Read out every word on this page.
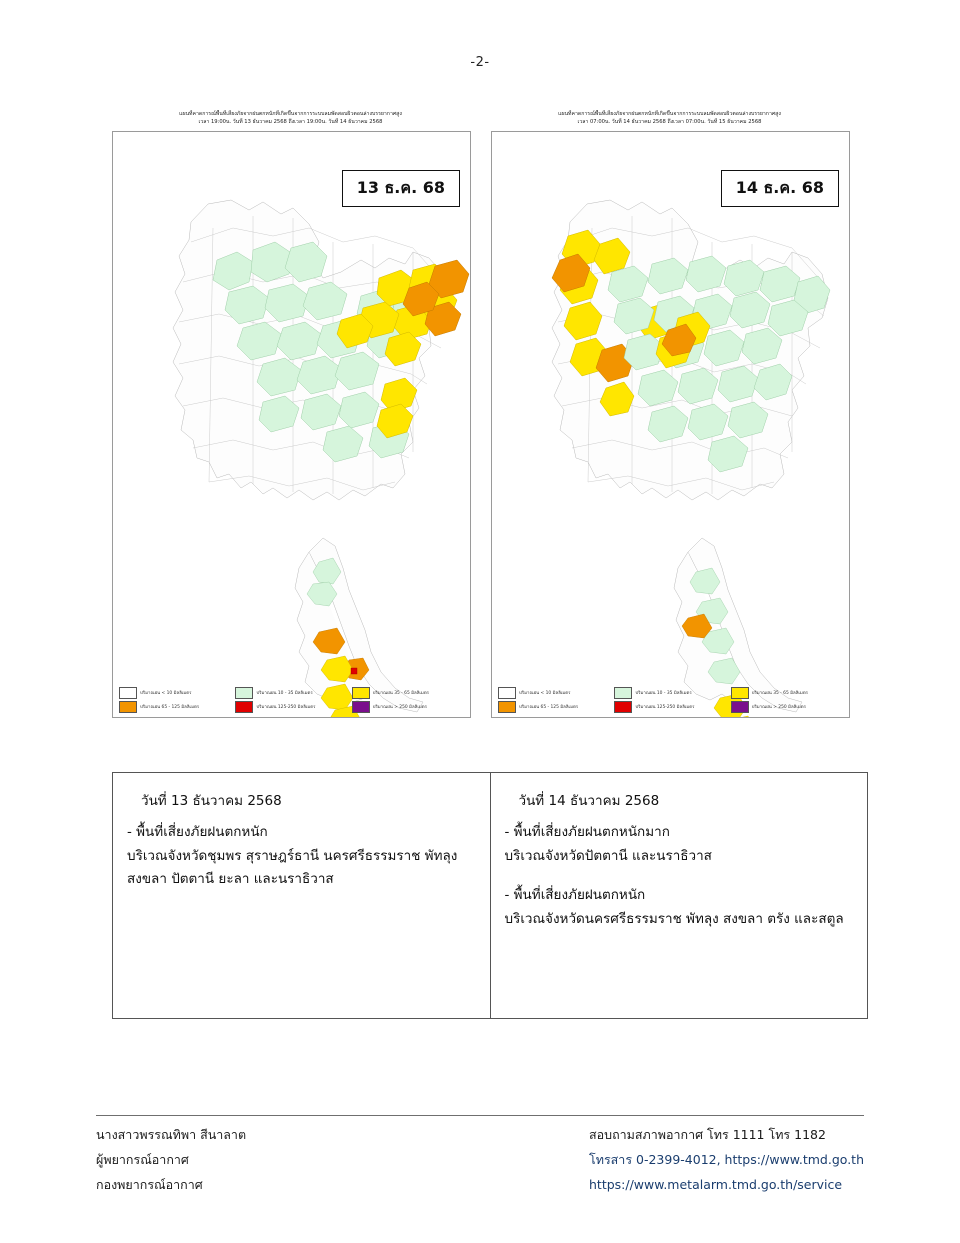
-2-
แผนที่คาดการณ์พื้นที่เสี่ยงภัยจากฝนตกหนักที่เกิดขึ้นจากการระบบลมพัดสอบผิวตอนล่างบรรยากาศสูง
เวลา 19:00น. วันที่ 13 ธันวาคม 2568 ถึงเวลา 19:00น. วันที่ 14 ธันวาคม 2568
13 ธ.ค. 68
ปริมาณฝน < 10 มิลลิเมตร	ปริมาณฝน 10 - 35 มิลลิเมตร	ปริมาณฝน 35 - 65 มิลลิเมตร
ปริมาณฝน 65 - 125 มิลลิเมตร	ปริมาณฝน 125-250 มิลลิเมตร	ปริมาณฝน > 250 มิลลิเมตร
แผนที่คาดการณ์พื้นที่เสี่ยงภัยจากฝนตกหนักที่เกิดขึ้นจากการระบบลมพัดสอบผิวตอนล่างบรรยากาศสูง
เวลา 07:00น. วันที่ 14 ธันวาคม 2568 ถึงเวลา 07:00น. วันที่ 15 ธันวาคม 2568
14 ธ.ค. 68
ปริมาณฝน < 10 มิลลิเมตร	ปริมาณฝน 10 - 35 มิลลิเมตร	ปริมาณฝน 35 - 65 มิลลิเมตร
ปริมาณฝน 65 - 125 มิลลิเมตร	ปริมาณฝน 125-250 มิลลิเมตร	ปริมาณฝน > 250 มิลลิเมตร
วันที่ 13 ธันวาคม 2568
- พื้นที่เสี่ยงภัยฝนตกหนัก
บริเวณจังหวัดชุมพร สุราษฎร์ธานี นครศรีธรรมราช พัทลุง
สงขลา ปัตตานี ยะลา และนราธิวาส
วันที่ 14 ธันวาคม 2568
- พื้นที่เสี่ยงภัยฝนตกหนักมาก
บริเวณจังหวัดปัตตานี และนราธิวาส
- พื้นที่เสี่ยงภัยฝนตกหนัก
บริเวณจังหวัดนครศรีธรรมราช พัทลุง สงขลา ตรัง และสตูล
นางสาวพรรณทิพา สีนาลาต
ผู้พยากรณ์อากาศ
กองพยากรณ์อากาศ
สอบถามสภาพอากาศ โทร 1111 โทร 1182
โทรสาร 0-2399-4012, https://www.tmd.go.th
https://www.metalarm.tmd.go.th/service
